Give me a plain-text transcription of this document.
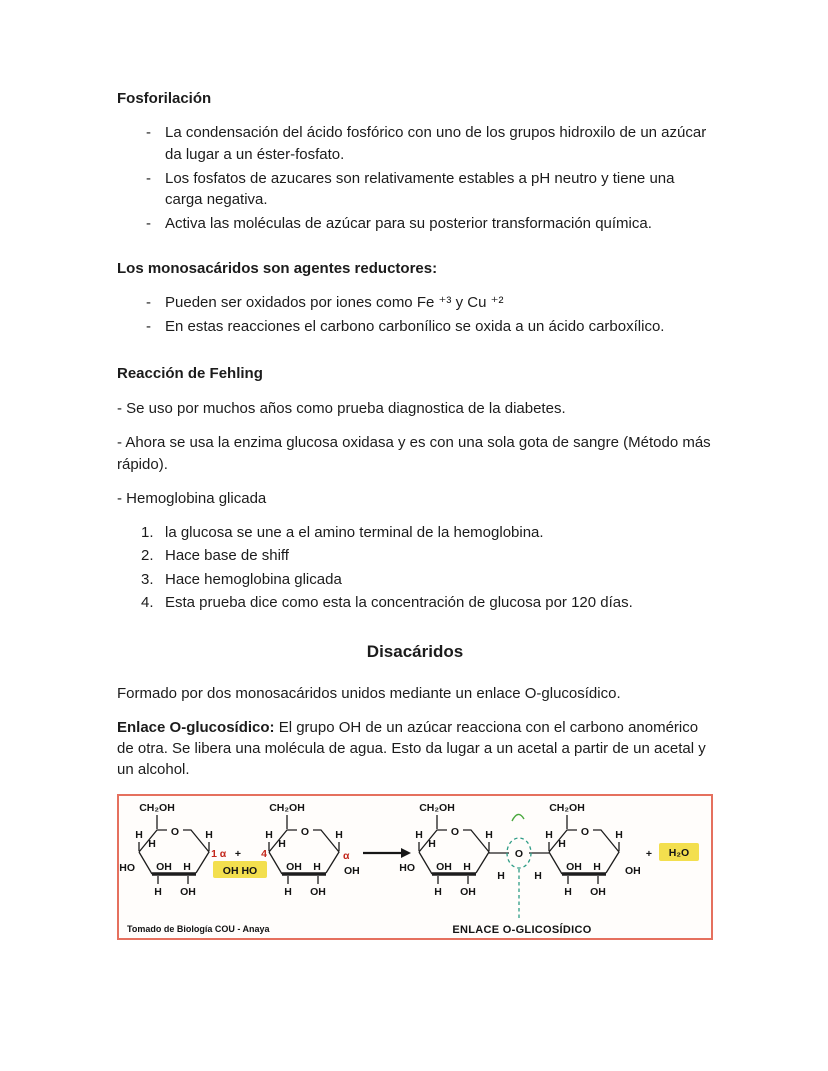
Fosforilación
- La condensación del ácido fosfórico con uno de los grupos hidroxilo de un azúcar da lugar a un éster-fosfato.
- Los fosfatos de azucares son relativamente estables a pH neutro y tiene una carga negativa.
- Activa las moléculas de azúcar para su posterior transformación química.
Los monosacáridos son agentes reductores:
- Pueden ser oxidados por iones como Fe ⁺³ y Cu ⁺²
- En estas reacciones el carbono carbonílico se oxida a un ácido carboxílico.
Reacción de Fehling

- Se uso por muchos años como prueba diagnostica de la diabetes.

- Ahora se usa la enzima glucosa oxidasa y es con una sola gota de sangre (Método más rápido).

- Hemoglobina glicada

la glucosa se une a el amino terminal de la hemoglobina.
Hace base de shiff
Hace hemoglobina glicada
Esta prueba dice como esta la concentración de glucosa por 120 días.
Disacáridos

Formado por dos monosacáridos unidos mediante un enlace O-glucosídico.

Enlace O-glucosídico: El grupo OH de un azúcar reacciona con el carbono anomérico de otra. Se libera una molécula de agua. Esto da lugar a un acetal a partir de un acetal y un alcohol.

CH₂OH
O
H
H
H
HO OH H
H OH
1 α +
OH HO
4
CH₂OH
O
H
H
H
OH H
H OH
α
OH
CH₂OH
O
H
H
H
HO OH H
H OH
O
H	H
CH₂OH
O
H
H
H
OH H
H OH
OH
+ H₂O
Tomado de Biología COU - Anaya	ENLACE O-GLICOSÍDICO
